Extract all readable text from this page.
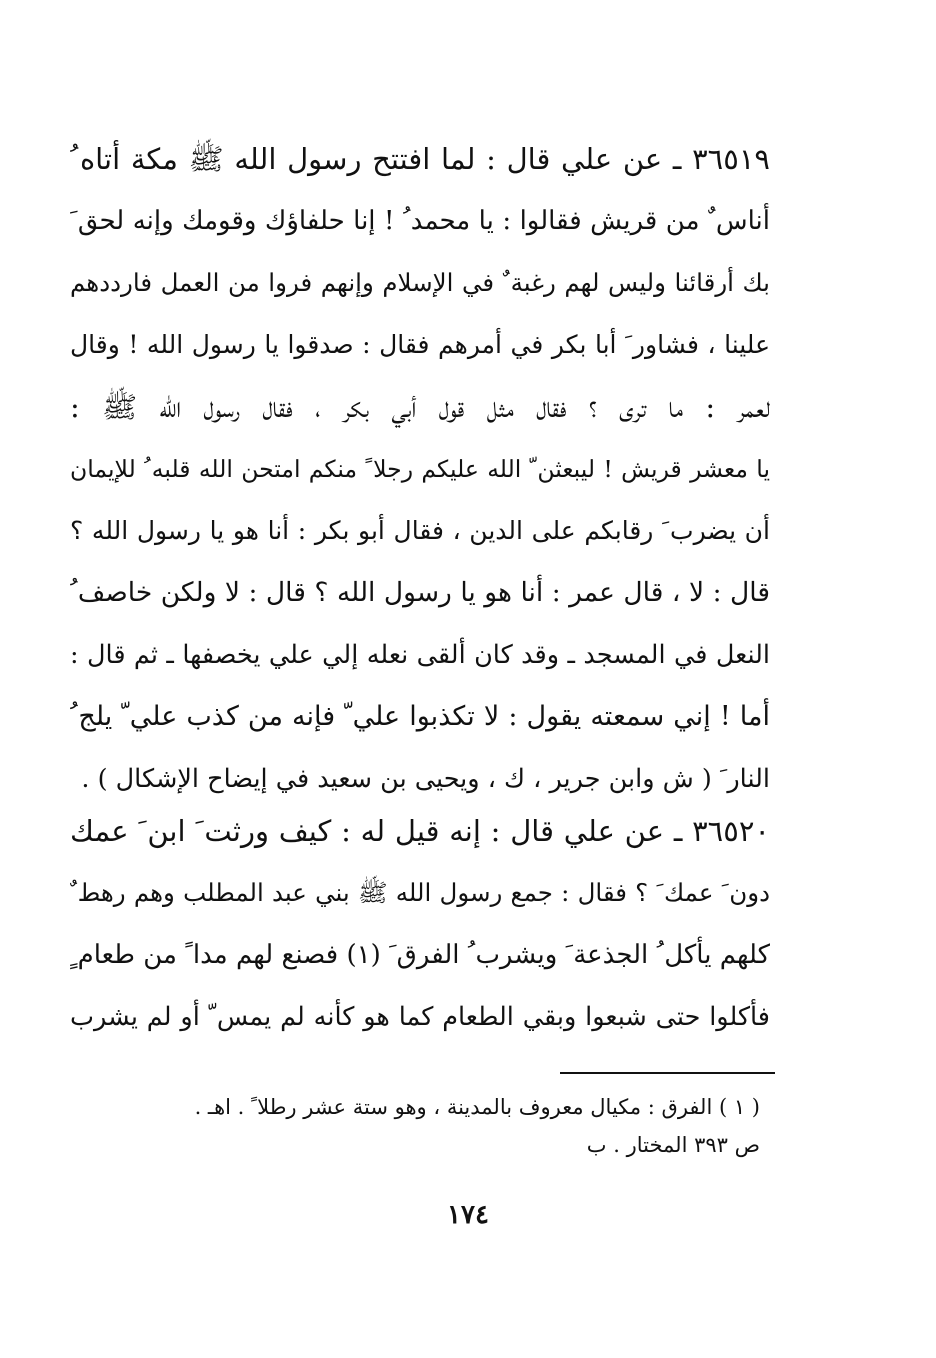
٣٦٥١٩ ـ عن علي قال : لما افتتح رسول الله ﷺ مكة أتاه ُ
أناس ٌ من قريش فقالوا : يا محمد ُ ! إنا حلفاؤك وقومك وإنه لحق َ
بك أرقائنا وليس لهم رغبة ٌ في الإسلام وإنهم فروا من العمل فارددهم
علينا ، فشاور َ أبا بكر في أمرهم فقال : صدقوا يا رسول الله ! وقال
لعمر : ما ترى ؟ فقال مثل قول أبي بكر ، فقال رسول الله ﷺ :
يا معشر قريش ! ليبعثن ّ الله عليكم رجلا ً منكم امتحن الله قلبه ُ للإيمان
أن يضرب َ رقابكم على الدين ، فقال أبو بكر : أنا هو يا رسول الله ؟
قال : لا ، قال عمر : أنا هو يا رسول الله ؟ قال : لا ولكن خاصف ُ
النعل في المسجد ـ وقد كان ألقى نعله إلي علي يخصفها ـ ثم قال :
أما ! إني سمعته يقول : لا تكذبوا علي ّ فإنه من كذب علي ّ يلج ُ
النار َ ( ش وابن جرير ، ك ، ويحيى بن سعيد في إيضاح الإشكال ) .
٣٦٥٢٠ ـ عن علي قال : إنه قيل له : كيف ورثت َ ابن َ عمك
دون َ عمك َ ؟ فقال : جمع رسول الله ﷺ بني عبد المطلب وهم رهط ٌ
كلهم يأكل ُ الجذعة َ ويشرب ُ الفرق َ (١) فصنع لهم مدا ً من طعام ٍ
فأكلوا حتى شبعوا وبقي الطعام كما هو كأنه لم يمس ّ أو لم يشرب
( ١ ) الفرق : مكيال معروف بالمدينة ، وهو ستة عشر رطلا ً . اهـ .
ص ٣٩٣ المختار . ب
١٧٤
